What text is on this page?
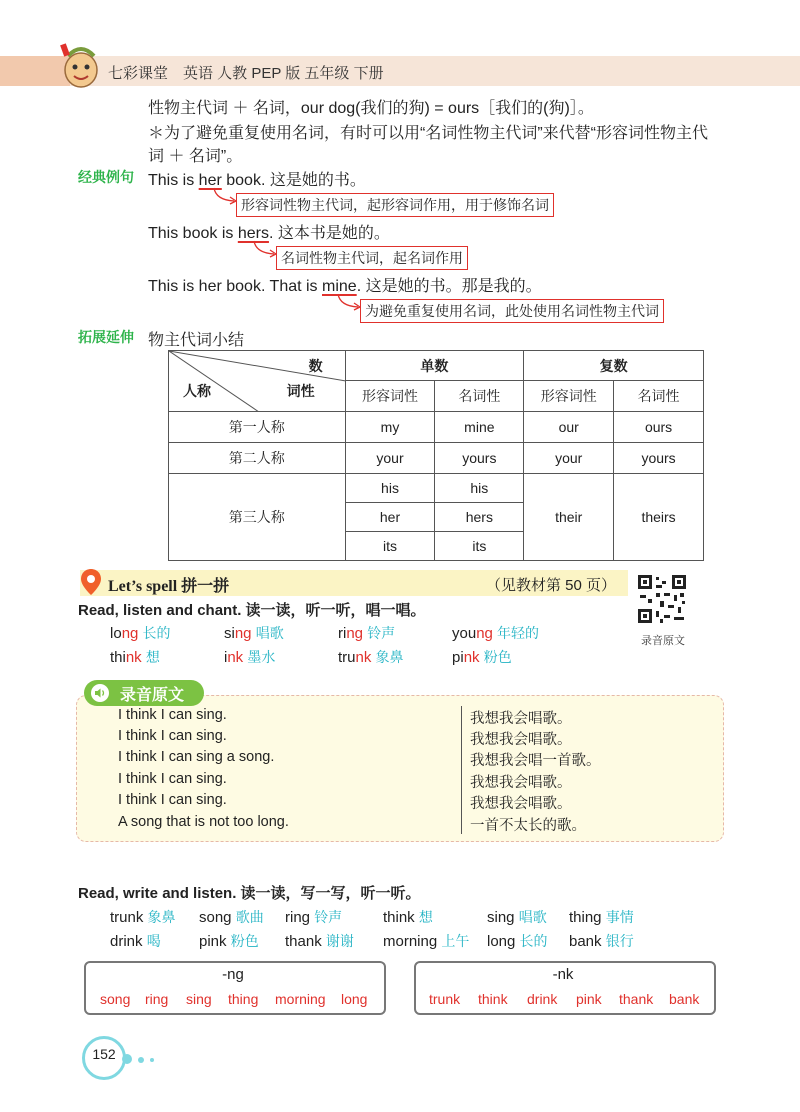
七彩课堂　英语 人教 PEP 版 五年级 下册
性物主代词 ＋ 名词，our dog(我们的狗) = ours［我们的(狗)］。
＊为了避免重复使用名词，有时可以用“名词性物主代词”来代替“形容词性物主代
词 ＋ 名词”。
经典例句 This is her book. 这是她的书。
形容词性物主代词，起形容词作用，用于修饰名词
This book is hers. 这本书是她的。
名词性物主代词，起名词作用
This is her book. That is mine. 这是她的书。那是我的。
为避免重复使用名词，此处使用名词性物主代词
拓展延伸 物主代词小结
数
词性
人称	单数		复数	
	形容词性	名词性	形容词性	名词性
第一人称	my	mine	our	ours
第二人称	your	yours	your	yours
第三人称	his	his	their	theirs
	her	hers		
	its	its		
Let’s spell 拼一拼	（见教材第 50 页）
录音原文
Read, listen and chant. 读一读，听一听，唱一唱。
long 长的	sing 唱歌	ring 铃声	young 年轻的
think 想	ink 墨水	trunk 象鼻	pink 粉色
录音原文
I think I can sing.
I think I can sing.
I think I can sing a song.
I think I can sing.
I think I can sing.
A song that is not too long.
我想我会唱歌。
我想我会唱歌。
我想我会唱一首歌。
我想我会唱歌。
我想我会唱歌。
一首不太长的歌。
Read, write and listen. 读一读，写一写，听一听。
trunk 象鼻 song 歌曲 ring 铃声	think 想	sing 唱歌 thing 事情
drink 喝	pink 粉色 thank 谢谢 morning 上午 long 长的 bank 银行
-ng
song ring sing thing morning long
-nk
trunk think drink pink thank bank
152
